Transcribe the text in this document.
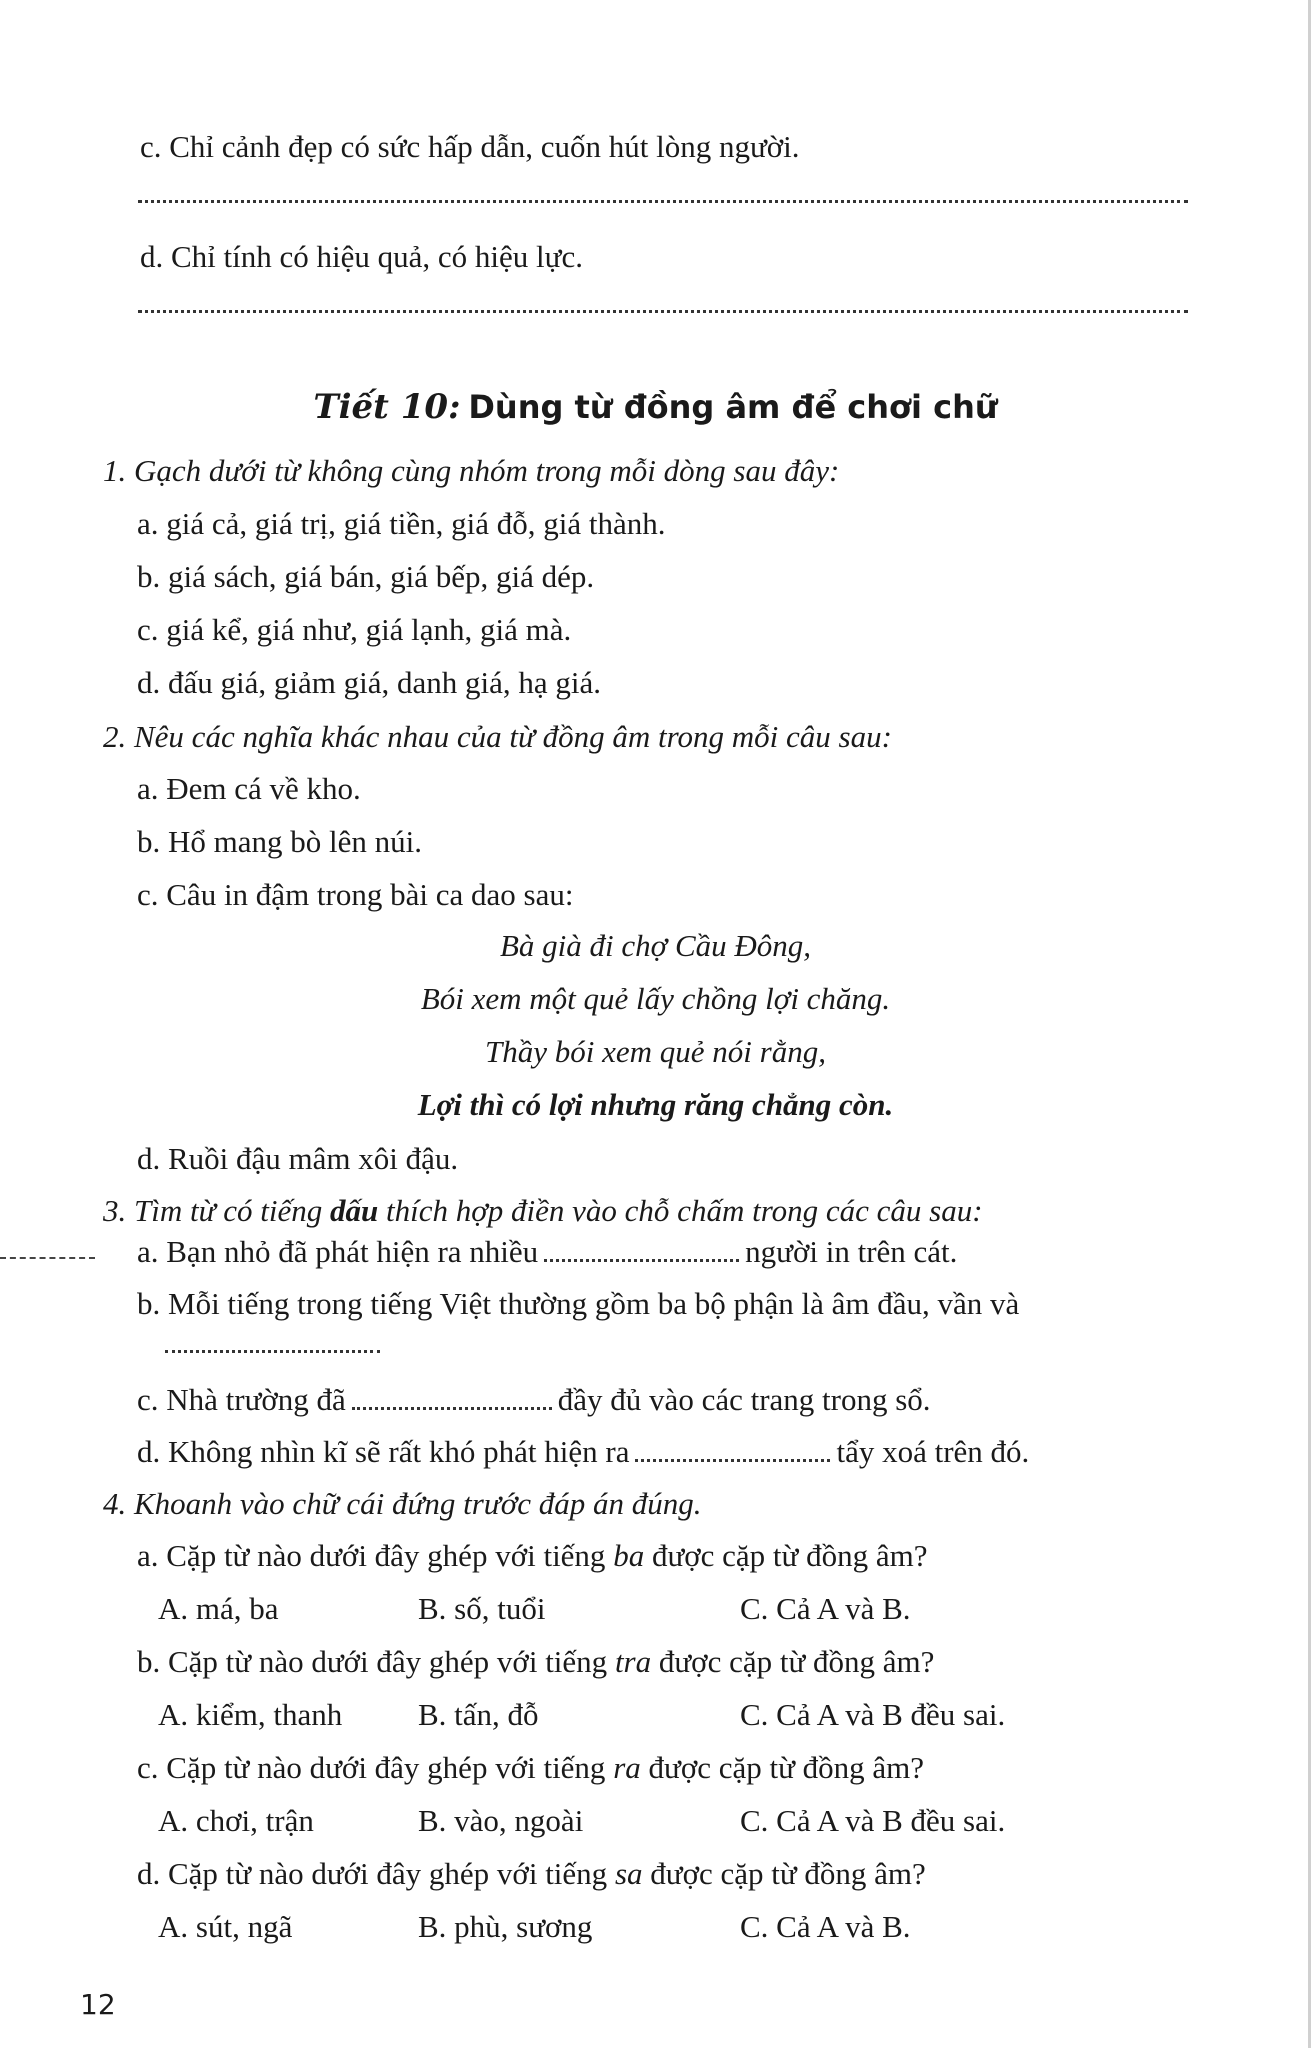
c. Chỉ cảnh đẹp có sức hấp dẫn, cuốn hút lòng người.
d. Chỉ tính có hiệu quả, có hiệu lực.
Tiết 10: Dùng từ đồng âm để chơi chữ
1. Gạch dưới từ không cùng nhóm trong mỗi dòng sau đây:
a. giá cả, giá trị, giá tiền, giá đỗ, giá thành.
b. giá sách, giá bán, giá bếp, giá dép.
c. giá kể, giá như, giá lạnh, giá mà.
d. đấu giá, giảm giá, danh giá, hạ giá.
2. Nêu các nghĩa khác nhau của từ đồng âm trong mỗi câu sau:
a. Đem cá về kho.
b. Hổ mang bò lên núi.
c. Câu in đậm trong bài ca dao sau:
Bà già đi chợ Cầu Đông,
Bói xem một quẻ lấy chồng lợi chăng.
Thầy bói xem quẻ nói rằng,
Lợi thì có lợi nhưng răng chẳng còn.
d. Ruồi đậu mâm xôi đậu.
3. Tìm từ có tiếng dấu thích hợp điền vào chỗ chấm trong các câu sau:
a. Bạn nhỏ đã phát hiện ra nhiều	người in trên cát.
b. Mỗi tiếng trong tiếng Việt thường gồm ba bộ phận là âm đầu, vần và
c. Nhà trường đã	đầy đủ vào các trang trong sổ.
d. Không nhìn kĩ sẽ rất khó phát hiện ra	tẩy xoá trên đó.
4. Khoanh vào chữ cái đứng trước đáp án đúng.
a. Cặp từ nào dưới đây ghép với tiếng ba được cặp từ đồng âm?
A. má, ba	B. số, tuổi	C. Cả A và B.
b. Cặp từ nào dưới đây ghép với tiếng tra được cặp từ đồng âm?
A. kiểm, thanh B. tấn, đỗ	C. Cả A và B đều sai.
c. Cặp từ nào dưới đây ghép với tiếng ra được cặp từ đồng âm?
A. chơi, trận	B. vào, ngoài	C. Cả A và B đều sai.
d. Cặp từ nào dưới đây ghép với tiếng sa được cặp từ đồng âm?
A. sút, ngã	B. phù, sương	C. Cả A và B.
12
